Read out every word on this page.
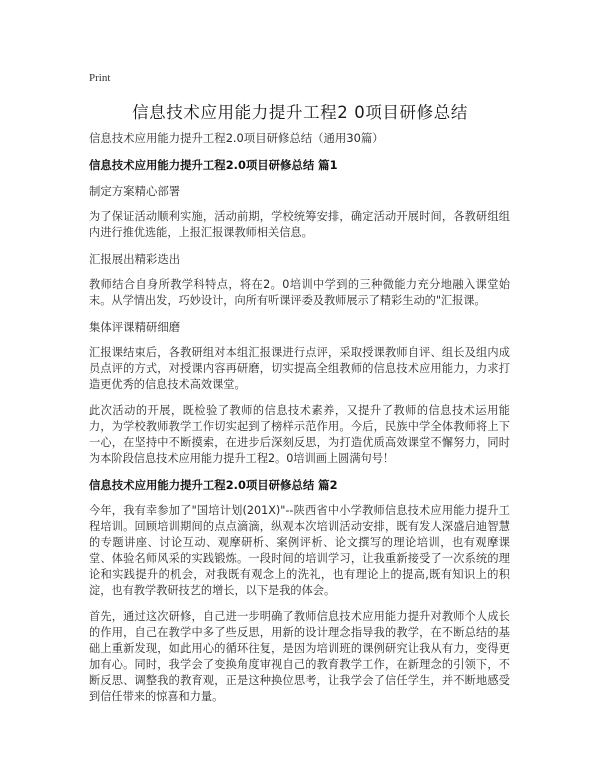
Print
信息技术应用能力提升工程2 0项目研修总结

信息技术应用能力提升工程2.0项目研修总结（通用30篇）

信息技术应用能力提升工程2.0项目研修总结 篇1

制定方案精心部署

为了保证活动顺利实施，活动前期，学校统筹安排，确定活动开展时间，各教研组组内进行推优选能，上报汇报课教师相关信息。

汇报展出精彩迭出

教师结合自身所教学科特点，将在2。0培训中学到的三种微能力充分地融入课堂始末。从学情出发，巧妙设计，向所有听课评委及教师展示了精彩生动的"汇报课。

集体评课精研细磨

汇报课结束后，各教研组对本组汇报课进行点评，采取授课教师自评、组长及组内成员点评的方式，对授课内容再研磨，切实提高全组教师的信息技术应用能力，力求打造更优秀的信息技术高效课堂。

此次活动的开展，既检验了教师的信息技术素养，又提升了教师的信息技术运用能力，为学校教师教学工作切实起到了榜样示范作用。今后，民族中学全体教师将上下一心，在坚持中不断摸索，在进步后深刻反思，为打造优质高效课堂不懈努力，同时为本阶段信息技术应用能力提升工程2。0培训画上圆满句号！

信息技术应用能力提升工程2.0项目研修总结 篇2

今年，我有幸参加了"国培计划(201X)"--陕西省中小学教师信息技术应用能力提升工程培训。回顾培训期间的点点滴滴，纵观本次培训活动安排，既有发人深盛启迪智慧的专题讲座、讨论互动、观摩研析、案例评析、论文撰写的理论培训，也有观摩课堂、体验名师风采的实践锻炼。一段时间的培训学习，让我重新接受了一次系统的理论和实践提升的机会，对我既有观念上的洗礼，也有理论上的提高,既有知识上的积淀，也有教学教研技艺的增长，以下是我的体会。

首先，通过这次研修，自己进一步明确了教师信息技术应用能力提升对教师个人成长的作用，自己在教学中多了些反思，用新的设计理念指导我的教学，在不断总结的基础上重新发现，如此用心的循环往复，是因为培训班的课例研究让我从有力，变得更加有心。同时，我学会了变换角度审视自己的教育教学工作，在新理念的引领下，不断反思、调整我的教育观，正是这种换位思考，让我学会了信任学生，并不断地感受到信任带来的惊喜和力量。
